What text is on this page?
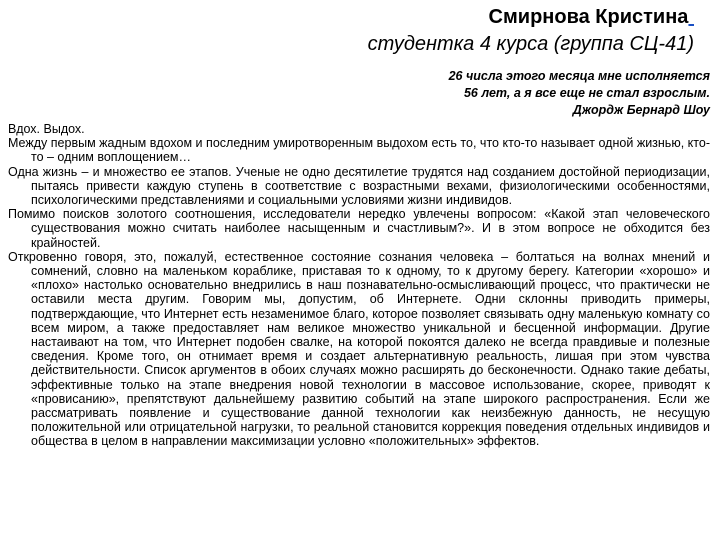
Смирнова Кристина
студентка 4 курса (группа СЦ-41)
26 числа этого месяца мне исполняется
56 лет, а я все еще не стал взрослым.
Джордж Бернард Шоу

Вдох. Выдох.

Между первым жадным вдохом и последним умиротворенным выдохом есть то, что кто-то называет одной жизнью, кто-то – одним воплощением…

Одна жизнь – и множество ее этапов. Ученые не одно десятилетие трудятся над созданием достойной периодизации, пытаясь привести каждую ступень в соответствие с возрастными вехами, физиологическими особенностями, психологическими представлениями и социальными условиями жизни индивидов.

Помимо поисков золотого соотношения, исследователи нередко увлечены вопросом: «Какой этап человеческого существования можно считать наиболее насыщенным и счастливым?». И в этом вопросе не обходится без крайностей.

Откровенно говоря, это, пожалуй, естественное состояние сознания человека – болтаться на волнах мнений и сомнений, словно на маленьком кораблике, приставая то к одному, то к другому берегу. Категории «хорошо» и «плохо» настолько основательно внедрились в наш познавательно-осмысливающий процесс, что практически не оставили места другим. Говорим мы, допустим, об Интернете. Одни склонны приводить примеры, подтверждающие, что Интернет есть незаменимое благо, которое позволяет связывать одну маленькую комнату со всем миром, а также предоставляет нам великое множество уникальной и бесценной информации. Другие настаивают на том, что Интернет подобен свалке, на которой покоятся далеко не всегда правдивые и полезные сведения. Кроме того, он отнимает время и создает альтернативную реальность, лишая при этом чувства действительности. Список аргументов в обоих случаях можно расширять до бесконечности. Однако такие дебаты, эффективные только на этапе внедрения новой технологии в массовое использование, скорее, приводят к «провисанию», препятствуют дальнейшему развитию событий на этапе широкого распространения. Если же рассматривать появление и существование данной технологии как неизбежную данность, не несущую положительной или отрицательной нагрузки, то реальной становится коррекция поведения отдельных индивидов и общества в целом в направлении максимизации условно «положительных» эффектов.
